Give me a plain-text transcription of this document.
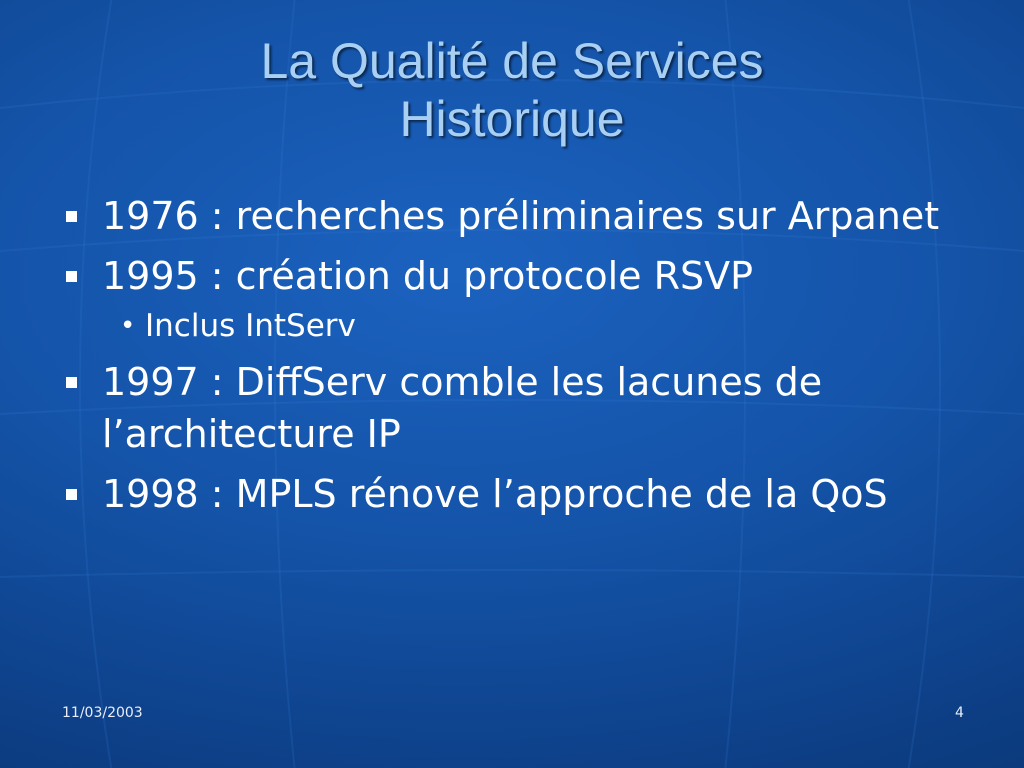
La Qualité de Services
Historique
1976 : recherches préliminaires sur Arpanet
1995 : création du protocole RSVP
• Inclus IntServ
1997 : DiffServ comble les lacunes de l’architecture IP
1998 : MPLS rénove l’approche de la QoS
11/03/2003	4
